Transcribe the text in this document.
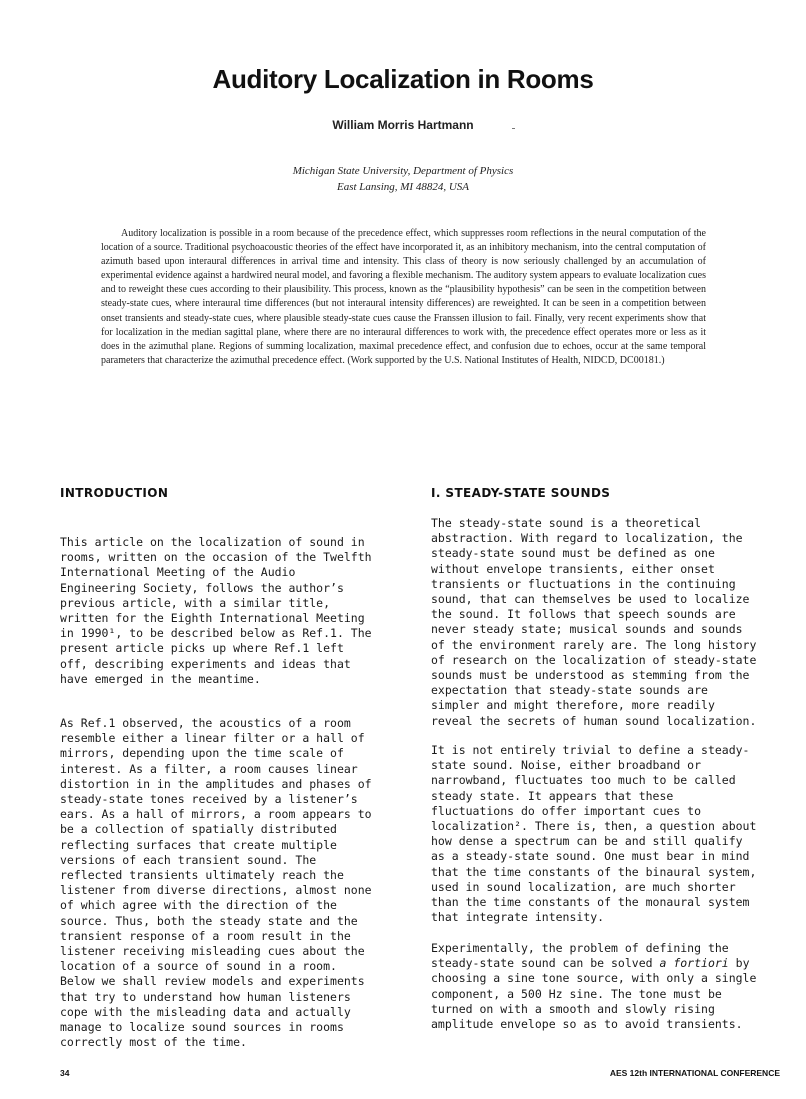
Auditory Localization in Rooms

William Morris Hartmann

Michigan State University, Department of Physics
East Lansing, MI 48824, USA

Auditory localization is possible in a room because of the precedence effect, which suppresses room reflections in the neural computation of the location of a source. Traditional psychoacoustic theories of the effect have incorporated it, as an inhibitory mechanism, into the central computation of azimuth based upon interaural differences in arrival time and intensity. This class of theory is now seriously challenged by an accumulation of experimental evidence against a hardwired neural model, and favoring a flexible mechanism. The auditory system appears to evaluate localization cues and to reweight these cues according to their plausibility. This process, known as the “plausibility hypothesis” can be seen in the competition between steady-state cues, where interaural time differences (but not interaural intensity differences) are reweighted. It can be seen in a competition between onset transients and steady-state cues, where plausible steady-state cues cause the Franssen illusion to fail. Finally, very recent experiments show that for localization in the median sagittal plane, where there are no interaural differences to work with, the precedence effect operates more or less as it does in the azimuthal plane. Regions of summing localization, maximal precedence effect, and confusion due to echoes, occur at the same temporal parameters that characterize the azimuthal precedence effect. (Work supported by the U.S. National Institutes of Health, NIDCD, DC00181.)

INTRODUCTION

This article on the localization of sound in rooms, written on the occasion of the Twelfth International Meeting of the Audio Engineering Society, follows the author’s previous article, with a similar title, written for the Eighth International Meeting in 1990¹, to be described below as Ref.1. The present article picks up where Ref.1 left off, describing experiments and ideas that have emerged in the meantime.

As Ref.1 observed, the acoustics of a room resemble either a linear filter or a hall of mirrors, depending upon the time scale of interest. As a filter, a room causes linear distortion in in the amplitudes and phases of steady-state tones received by a listener’s ears. As a hall of mirrors, a room appears to be a collection of spatially distributed reflecting surfaces that create multiple versions of each transient sound. The reflected transients ultimately reach the listener from diverse directions, almost none of which agree with the direction of the source. Thus, both the steady state and the transient response of a room result in the listener receiving misleading cues about the location of a source of sound in a room. Below we shall review models and experiments that try to understand how human listeners cope with the misleading data and actually manage to localize sound sources in rooms correctly most of the time.

I. STEADY-STATE SOUNDS

The steady-state sound is a theoretical abstraction. With regard to localization, the steady-state sound must be defined as one without envelope transients, either onset transients or fluctuations in the continuing sound, that can themselves be used to localize the sound. It follows that speech sounds are never steady state; musical sounds and sounds of the environment rarely are. The long history of research on the localization of steady-state sounds must be understood as stemming from the expectation that steady-state sounds are simpler and might therefore, more readily reveal the secrets of human sound localization.

It is not entirely trivial to define a steady-state sound. Noise, either broadband or narrowband, fluctuates too much to be called steady state. It appears that these fluctuations do offer important cues to localization². There is, then, a question about how dense a spectrum can be and still qualify as a steady-state sound. One must bear in mind that the time constants of the binaural system, used in sound localization, are much shorter than the time constants of the monaural system that integrate intensity.

Experimentally, the problem of defining the steady-state sound can be solved a fortiori by choosing a sine tone source, with only a single component, a 500 Hz sine. The tone must be turned on with a smooth and slowly rising amplitude envelope so as to avoid transients.

34	AES 12th INTERNATIONAL CONFERENCE
